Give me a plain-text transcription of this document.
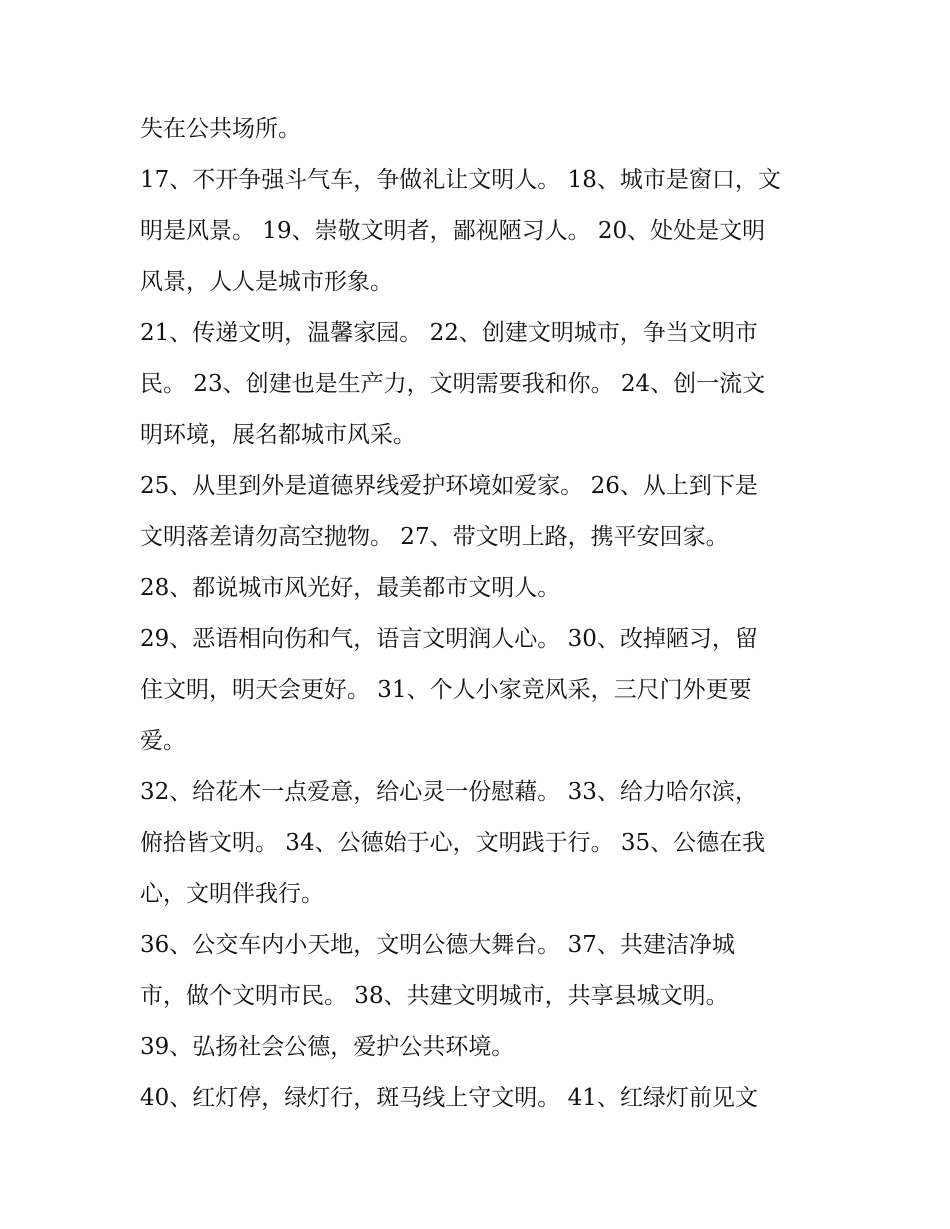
失在公共场所。
17、不开争强斗气车，争做礼让文明人。 18、城市是窗口，文
明是风景。 19、崇敬文明者，鄙视陋习人。 20、处处是文明
风景，人人是城市形象。
21、传递文明，温馨家园。 22、创建文明城市，争当文明市
民。 23、创建也是生产力，文明需要我和你。 24、创一流文
明环境，展名都城市风采。
25、从里到外是道德界线爱护环境如爱家。 26、从上到下是
文明落差请勿高空抛物。 27、带文明上路，携平安回家。
28、都说城市风光好，最美都市文明人。
29、恶语相向伤和气，语言文明润人心。 30、改掉陋习，留
住文明，明天会更好。 31、个人小家竞风采，三尺门外更要
爱。
32、给花木一点爱意，给心灵一份慰藉。 33、给力哈尔滨，
俯拾皆文明。 34、公德始于心，文明践于行。 35、公德在我
心，文明伴我行。
36、公交车内小天地，文明公德大舞台。 37、共建洁净城
市，做个文明市民。 38、共建文明城市，共享县城文明。
39、弘扬社会公德，爱护公共环境。
40、红灯停，绿灯行，斑马线上守文明。 41、红绿灯前见文
